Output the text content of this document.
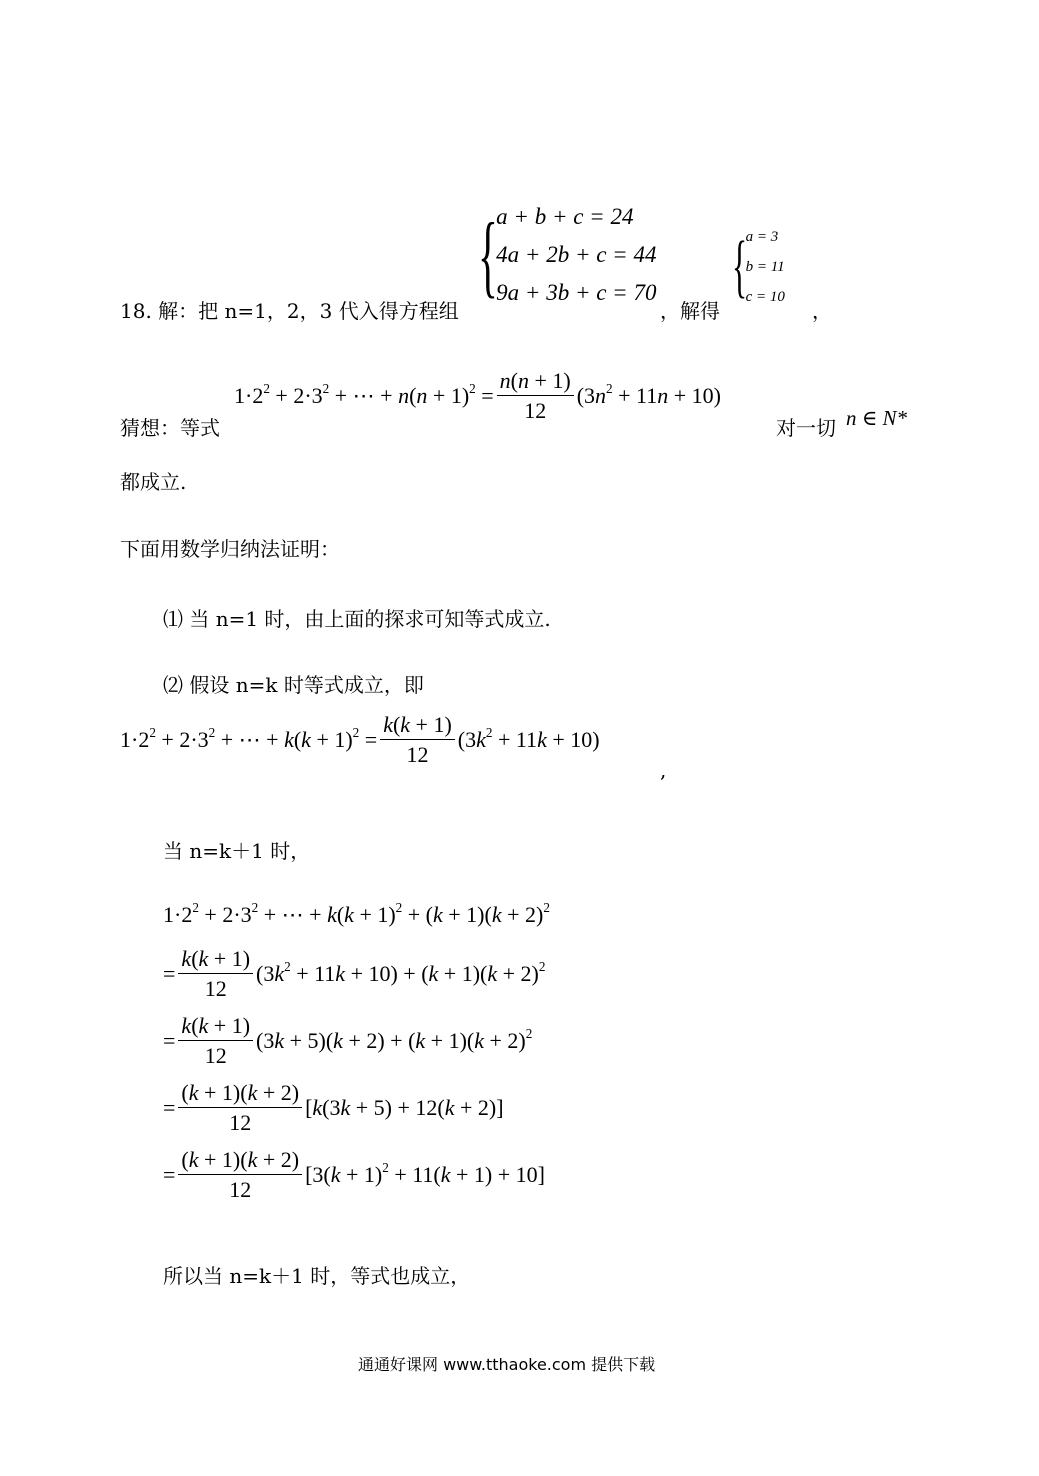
18. 解：把 n=1，2，3 代入得方程组
{
a + b + c = 24
4a + 2b + c = 44
9a + 3b + c = 70
，解得
{
a = 3
b = 11
c = 10
，
猜想：等式
$1\cdot 2^2 + 2\cdot 3^2$ + ⋯ + $n(n + 1)^2 = \frac{n(n + 1)}{12} (3n^2 + 11n + 10)$
对一切 n ∈ N*
都成立.
下面用数学归纳法证明：
⑴ 当 n=1 时，由上面的探求可知等式成立.
⑵ 假设 n=k 时等式成立，即
$1\cdot 2^2 + 2\cdot 3^2$ + ⋯ + $k(k + 1)^2 = \frac{k(k + 1)}{12} (3k^2 + 11k + 10)$
,
当 n=k＋1 时，
$1\cdot 2^2 + 2\cdot 3^2$ + ⋯ + $k(k + 1)^2 + (k + 1)(k + 2)^2$
= $\frac{k(k + 1)}{12} (3k^2 + 11k + 10) + (k + 1)(k + 2)^2$
= $\frac{k(k + 1)}{12} (3k + 5)(k + 2) + (k + 1)(k + 2)^2$
= $\frac{(k + 1)(k + 2)}{12} [k(3k + 5) + 12(k + 2)]$
= $\frac{(k + 1)(k + 2)}{12} [3(k + 1)^2 + 11(k + 1) + 10]$
所以当 n=k＋1 时，等式也成立，
通通好课网 www.tthaoke.com 提供下载
